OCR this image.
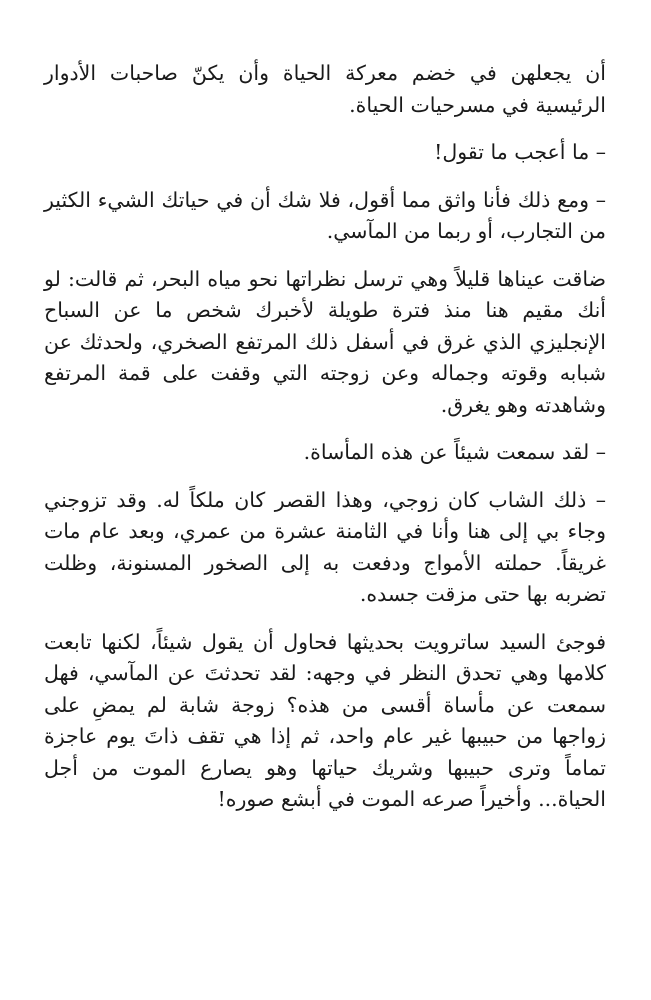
أن يجعلهن في خضم معركة الحياة وأن يكنّ صاحبات الأدوار الرئيسية في مسرحيات الحياة.

– ما أعجب ما تقول!

– ومع ذلك فأنا واثق مما أقول، فلا شك أن في حياتك الشيء الكثير من التجارب، أو ربما من المآسي.

ضاقت عيناها قليلاً وهي ترسل نظراتها نحو مياه البحر، ثم قالت: لو أنك مقيم هنا منذ فترة طويلة لأخبرك شخص ما عن السباح الإنجليزي الذي غرق في أسفل ذلك المرتفع الصخري، ولحدثك عن شبابه وقوته وجماله وعن زوجته التي وقفت على قمة المرتفع وشاهدته وهو يغرق.

– لقد سمعت شيئاً عن هذه المأساة.

– ذلك الشاب كان زوجي، وهذا القصر كان ملكاً له. وقد تزوجني وجاء بي إلى هنا وأنا في الثامنة عشرة من عمري، وبعد عام مات غريقاً. حملته الأمواج ودفعت به إلى الصخور المسنونة، وظلت تضربه بها حتى مزقت جسده.

فوجئ السيد ساترويت بحديثها فحاول أن يقول شيئاً، لكنها تابعت كلامها وهي تحدق النظر في وجهه: لقد تحدثتَ عن المآسي، فهل سمعت عن مأساة أقسى من هذه؟ زوجة شابة لم يمضِ على زواجها من حبيبها غير عام واحد، ثم إذا هي تقف ذاتَ يوم عاجزة تماماً وترى حبيبها وشريك حياتها وهو يصارع الموت من أجل الحياة... وأخيراً صرعه الموت في أبشع صوره!
